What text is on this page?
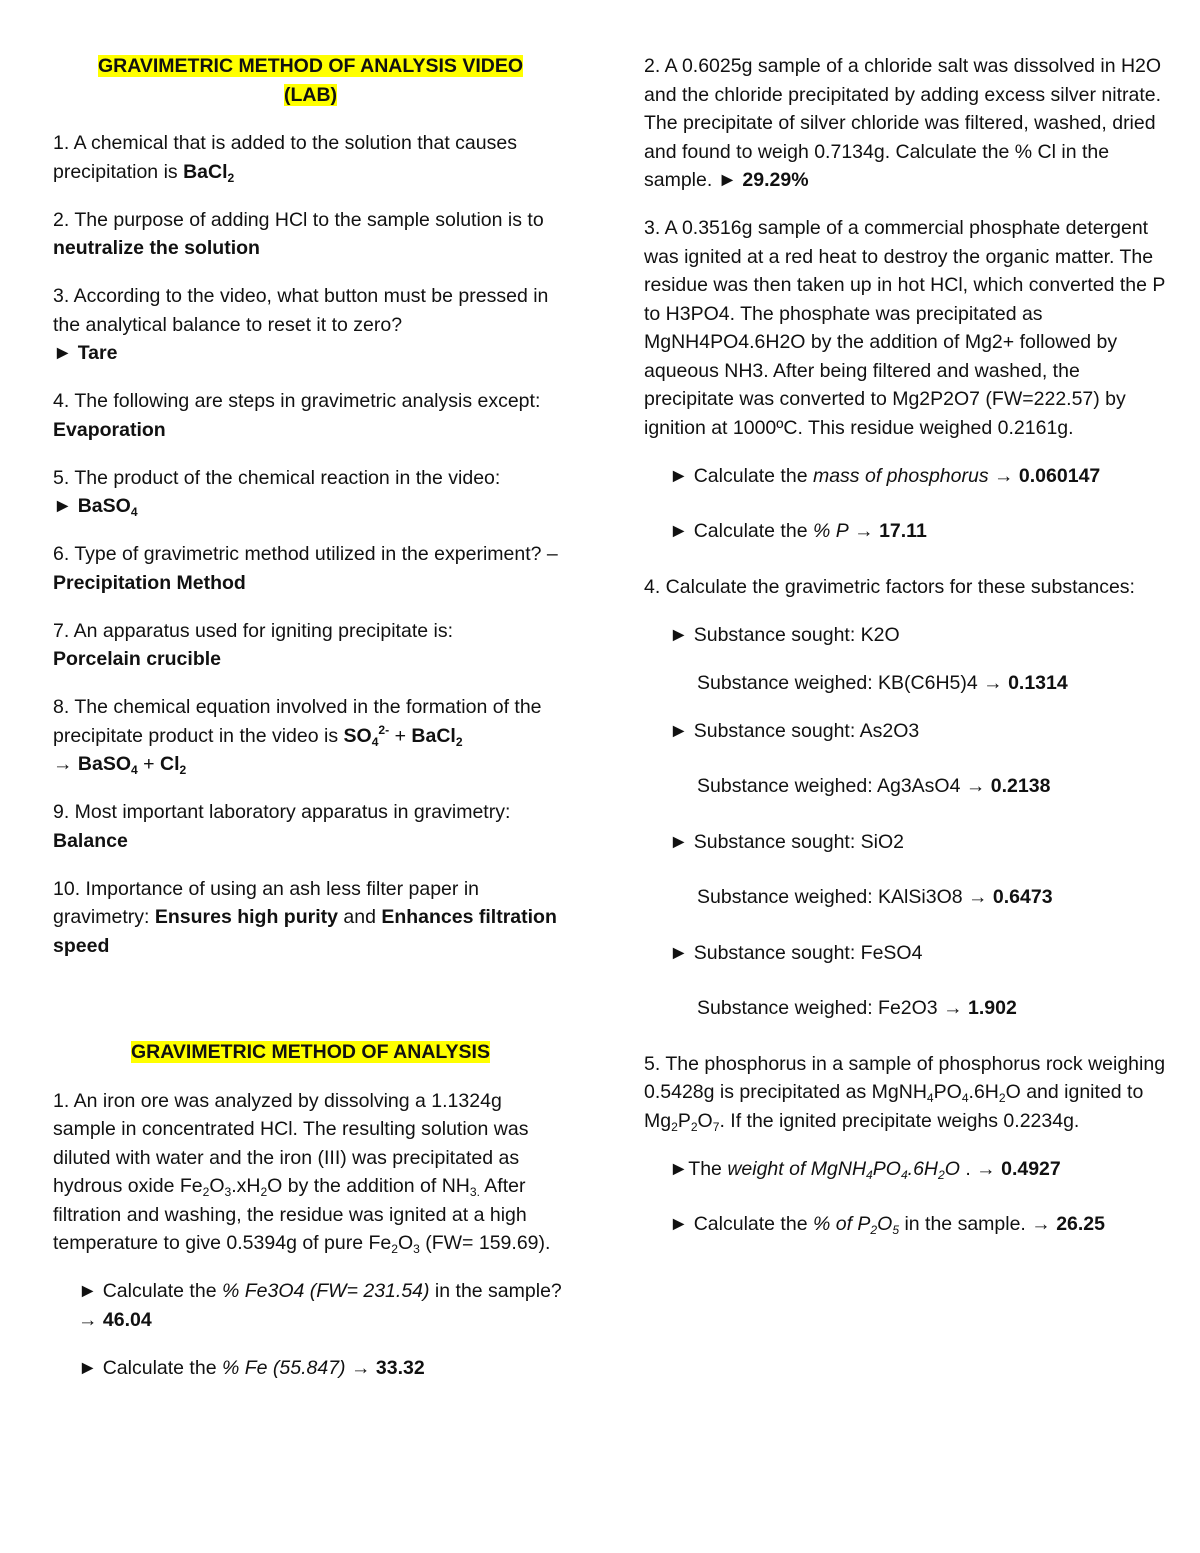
GRAVIMETRIC METHOD OF ANALYSIS VIDEO
(LAB)

1. A chemical that is added to the solution that causes precipitation is BaCl$_2$

2. The purpose of adding HCl to the sample solution is to neutralize the solution

3. According to the video, what button must be pressed in the analytical balance to reset it to zero?
► Tare

4. The following are steps in gravimetric analysis except: Evaporation

5. The product of the chemical reaction in the video:
► BaSO$_4$

6. Type of gravimetric method utilized in the experiment? – Precipitation Method

7. An apparatus used for igniting precipitate is:
Porcelain crucible

8. The chemical equation involved in the formation of the precipitate product in the video is $SO_4^{2-}$ + BaCl$_2$
→ BaSO$_4$ + $Cl_2$

9. Most important laboratory apparatus in gravimetry:
Balance

10. Importance of using an ash less filter paper in gravimetry: Ensures high purity and Enhances filtration speed

GRAVIMETRIC METHOD OF ANALYSIS

1. An iron ore was analyzed by dissolving a 1.1324g sample in concentrated HCl. The resulting solution was diluted with water and the iron (III) was precipitated as hydrous oxide $Fe_2O_3.xH_2O$ by the addition of $NH_{3.}$ After filtration and washing, the residue was ignited at a high temperature to give 0.5394g of pure $Fe_2O_3$ (FW= 159.69).

► Calculate the % Fe3O4 (FW= 231.54) in the sample? → 46.04

► Calculate the % Fe (55.847) → 33.32

2. A 0.6025g sample of a chloride salt was dissolved in H2O and the chloride precipitated by adding excess silver nitrate. The precipitate of silver chloride was filtered, washed, dried and found to weigh 0.7134g. Calculate the % Cl in the sample. ► 29.29%

3. A 0.3516g sample of a commercial phosphate detergent was ignited at a red heat to destroy the organic matter. The residue was then taken up in hot HCl, which converted the P to H3PO4. The phosphate was precipitated as MgNH4PO4.6H2O by the addition of Mg2+ followed by aqueous NH3. After being filtered and washed, the precipitate was converted to Mg2P2O7 (FW=222.57) by ignition at 1000ºC. This residue weighed 0.2161g.

► Calculate the mass of phosphorus → 0.060147

► Calculate the % P → 17.11

4. Calculate the gravimetric factors for these substances:

► Substance sought: K2O

Substance weighed: KB(C6H5)4 → 0.1314

► Substance sought: As2O3

Substance weighed: Ag3AsO4 → 0.2138

► Substance sought: SiO2

Substance weighed: KAlSi3O8 → 0.6473

► Substance sought: FeSO4

Substance weighed: Fe2O3 → 1.902

5. The phosphorus in a sample of phosphorus rock weighing 0.5428g is precipitated as $MgNH_4PO_4.6H_2O$ and ignited to $Mg_2P_2O_7$. If the ignited precipitate weighs 0.2234g.

►The weight of $MgNH_4PO_4.6H_2O$ . → 0.4927

► Calculate the % of $P_2O_5$ in the sample. → 26.25
